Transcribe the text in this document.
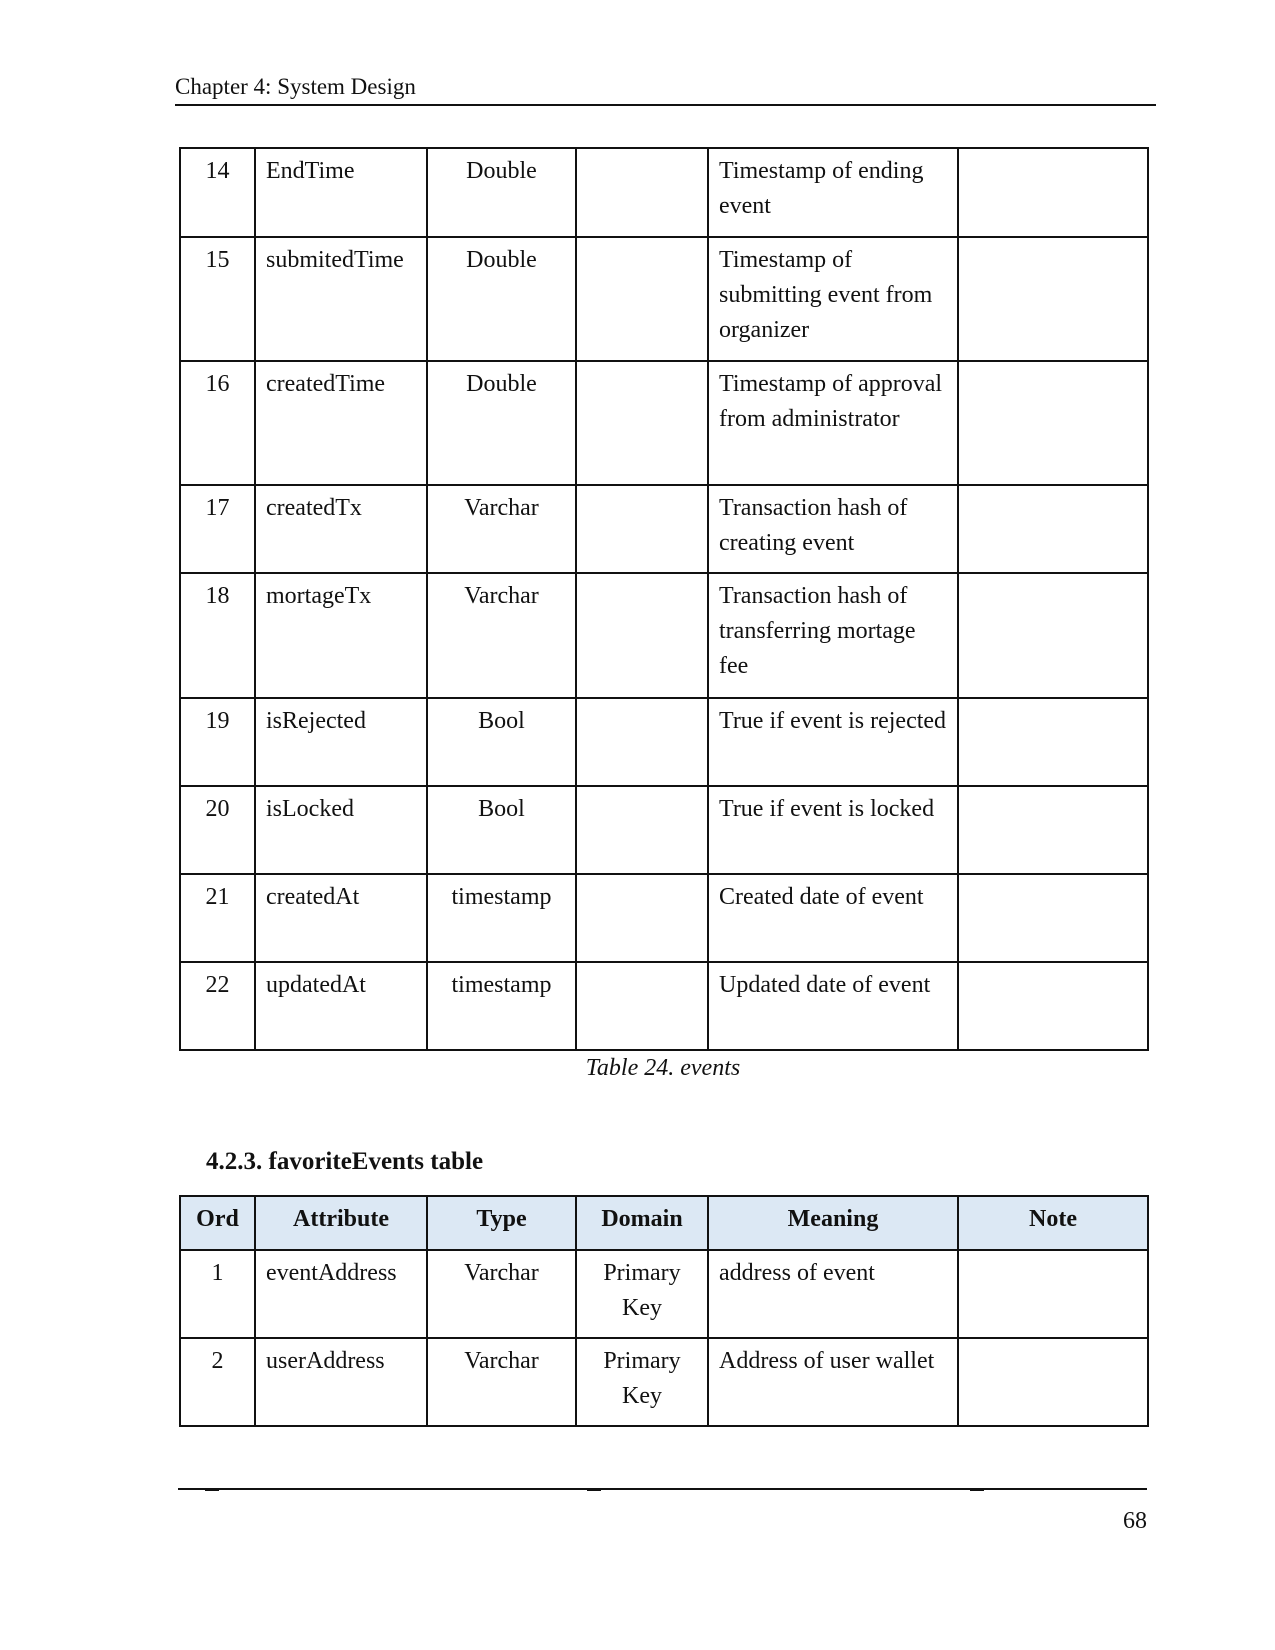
Chapter 4: System Design
14	EndTime	Double		Timestamp of ending event	
15	submitedTime	Double		Timestamp of submitting event from organizer	
16	createdTime	Double		Timestamp of approval from administrator	
17	createdTx	Varchar		Transaction hash of creating event	
18	mortageTx	Varchar		Transaction hash of transferring mortage fee	
19	isRejected	Bool		True if event is rejected	
20	isLocked	Bool		True if event is locked	
21	createdAt	timestamp		Created date of event	
22	updatedAt	timestamp		Updated date of event	
Table 24. events
4.2.3. favoriteEvents table
Ord	Attribute	Type	Domain	Meaning	Note
1	eventAddress	Varchar	Primary Key	address of event	
2	userAddress	Varchar	Primary Key	Address of user wallet	
68
